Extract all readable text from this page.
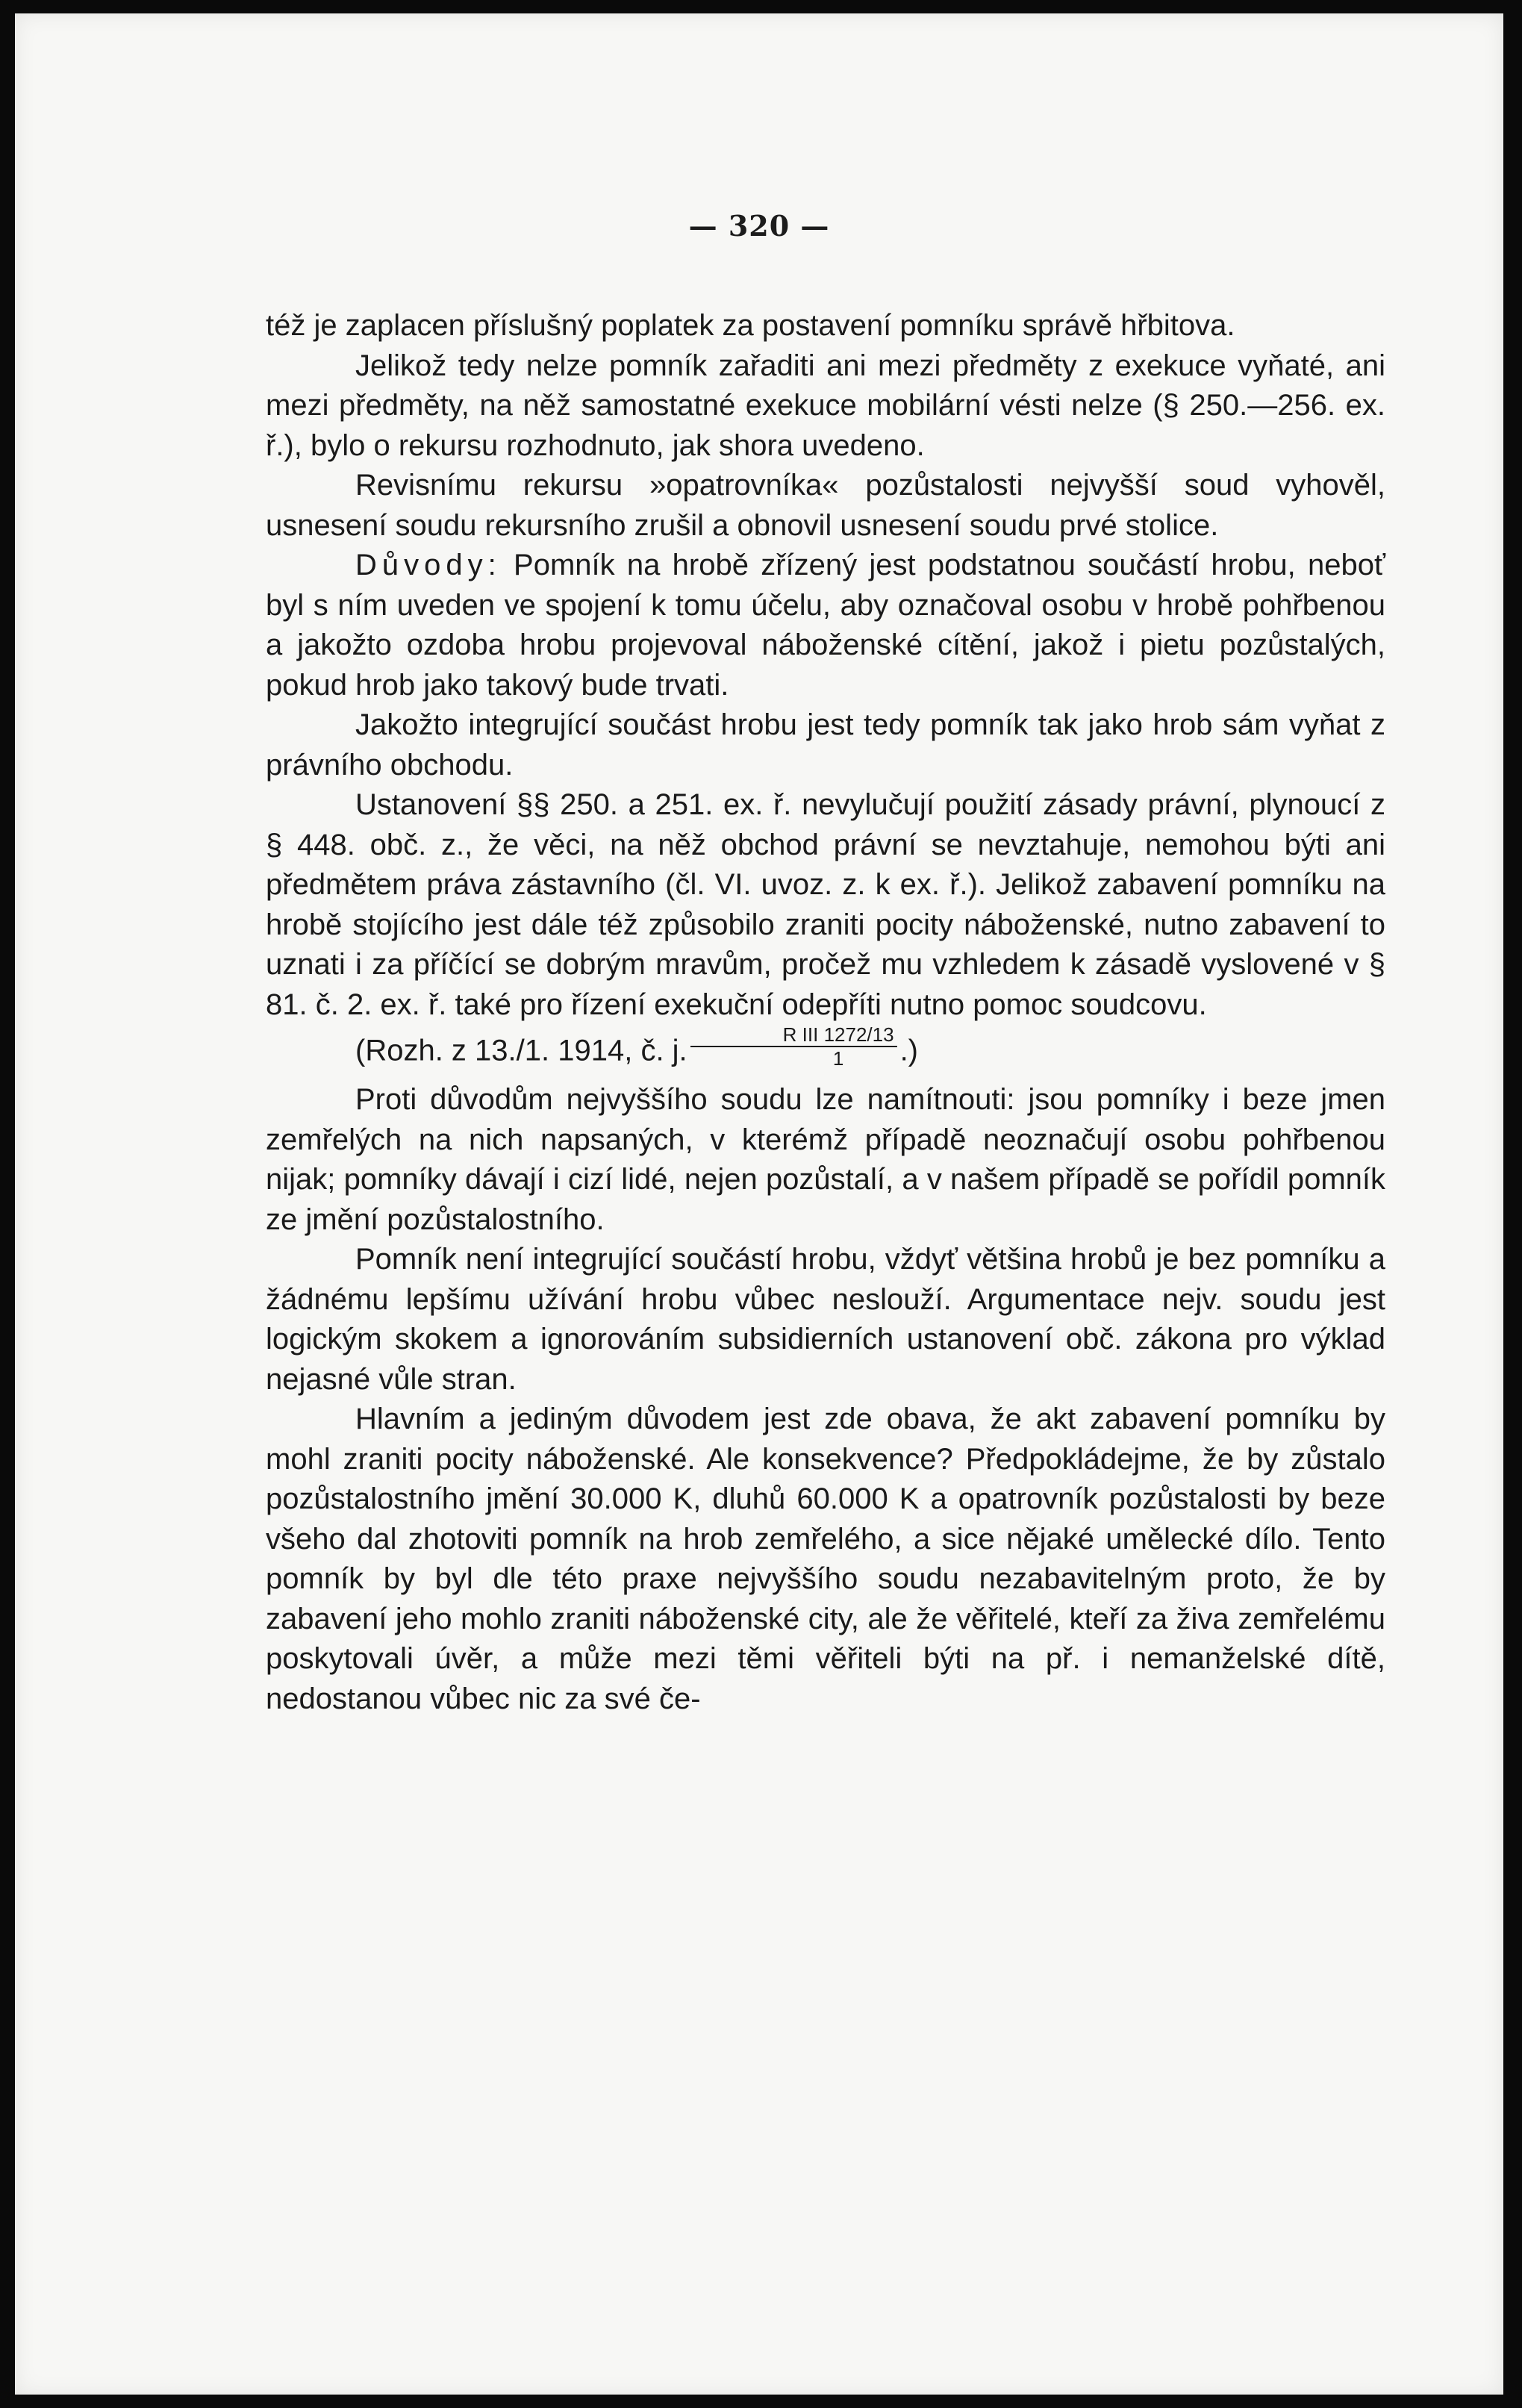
— 320 —

též je zaplacen příslušný poplatek za postavení pomníku správě hřbitova.

Jelikož tedy nelze pomník zařaditi ani mezi předměty z exekuce vyňaté, ani mezi předměty, na něž samostatné exekuce mobilární vésti nelze (§ 250.—256. ex. ř.), bylo o rekursu rozhodnuto, jak shora uvedeno.

Revisnímu rekursu »opatrovníka« pozůstalosti nejvyšší soud vyhověl, usnesení soudu rekursního zrušil a obnovil usnesení soudu prvé stolice.

Důvody: Pomník na hrobě zřízený jest podstatnou součástí hrobu, neboť byl s ním uveden ve spojení k tomu účelu, aby označoval osobu v hrobě pohřbenou a jakožto ozdoba hrobu projevoval náboženské cítění, jakož i pietu pozůstalých, pokud hrob jako takový bude trvati.

Jakožto integrující součást hrobu jest tedy pomník tak jako hrob sám vyňat z právního obchodu.

Ustanovení §§ 250. a 251. ex. ř. nevylučují použití zásady právní, plynoucí z § 448. obč. z., že věci, na něž obchod právní se nevztahuje, nemohou býti ani předmětem práva zástavního (čl. VI. uvoz. z. k ex. ř.). Jelikož zabavení pomníku na hrobě stojícího jest dále též způsobilo zraniti pocity náboženské, nutno zabavení to uznati i za příčící se dobrým mravům, pročež mu vzhledem k zásadě vyslovené v § 81. č. 2. ex. ř. také pro řízení exekuční odepříti nutno pomoc soudcovu.

(Rozh. z 13./1. 1914, č. j. $\frac{\text{R III 1272/13}}{1}$ .)

Proti důvodům nejvyššího soudu lze namítnouti: jsou pomníky i beze jmen zemřelých na nich napsaných, v kterémž případě neoznačují osobu pohřbenou nijak; pomníky dávají i cizí lidé, nejen pozůstalí, a v našem případě se pořídil pomník ze jmění pozůstalostního.

Pomník není integrující součástí hrobu, vždyť většina hrobů je bez pomníku a žádnému lepšímu užívání hrobu vůbec neslouží. Argumentace nejv. soudu jest logickým skokem a ignorováním subsidierních ustanovení obč. zákona pro výklad nejasné vůle stran.

Hlavním a jediným důvodem jest zde obava, že akt zabavení pomníku by mohl zraniti pocity náboženské. Ale konsekvence? Předpokládejme, že by zůstalo pozůstalostního jmění 30.000 K, dluhů 60.000 K a opatrovník pozůstalosti by beze všeho dal zhotoviti pomník na hrob zemřelého, a sice nějaké umělecké dílo. Tento pomník by byl dle této praxe nejvyššího soudu nezabavitelným proto, že by zabavení jeho mohlo zraniti náboženské city, ale že věřitelé, kteří za živa zemřelému poskytovali úvěr, a může mezi těmi věřiteli býti na př. i nemanželské dítě, nedostanou vůbec nic za své če-
